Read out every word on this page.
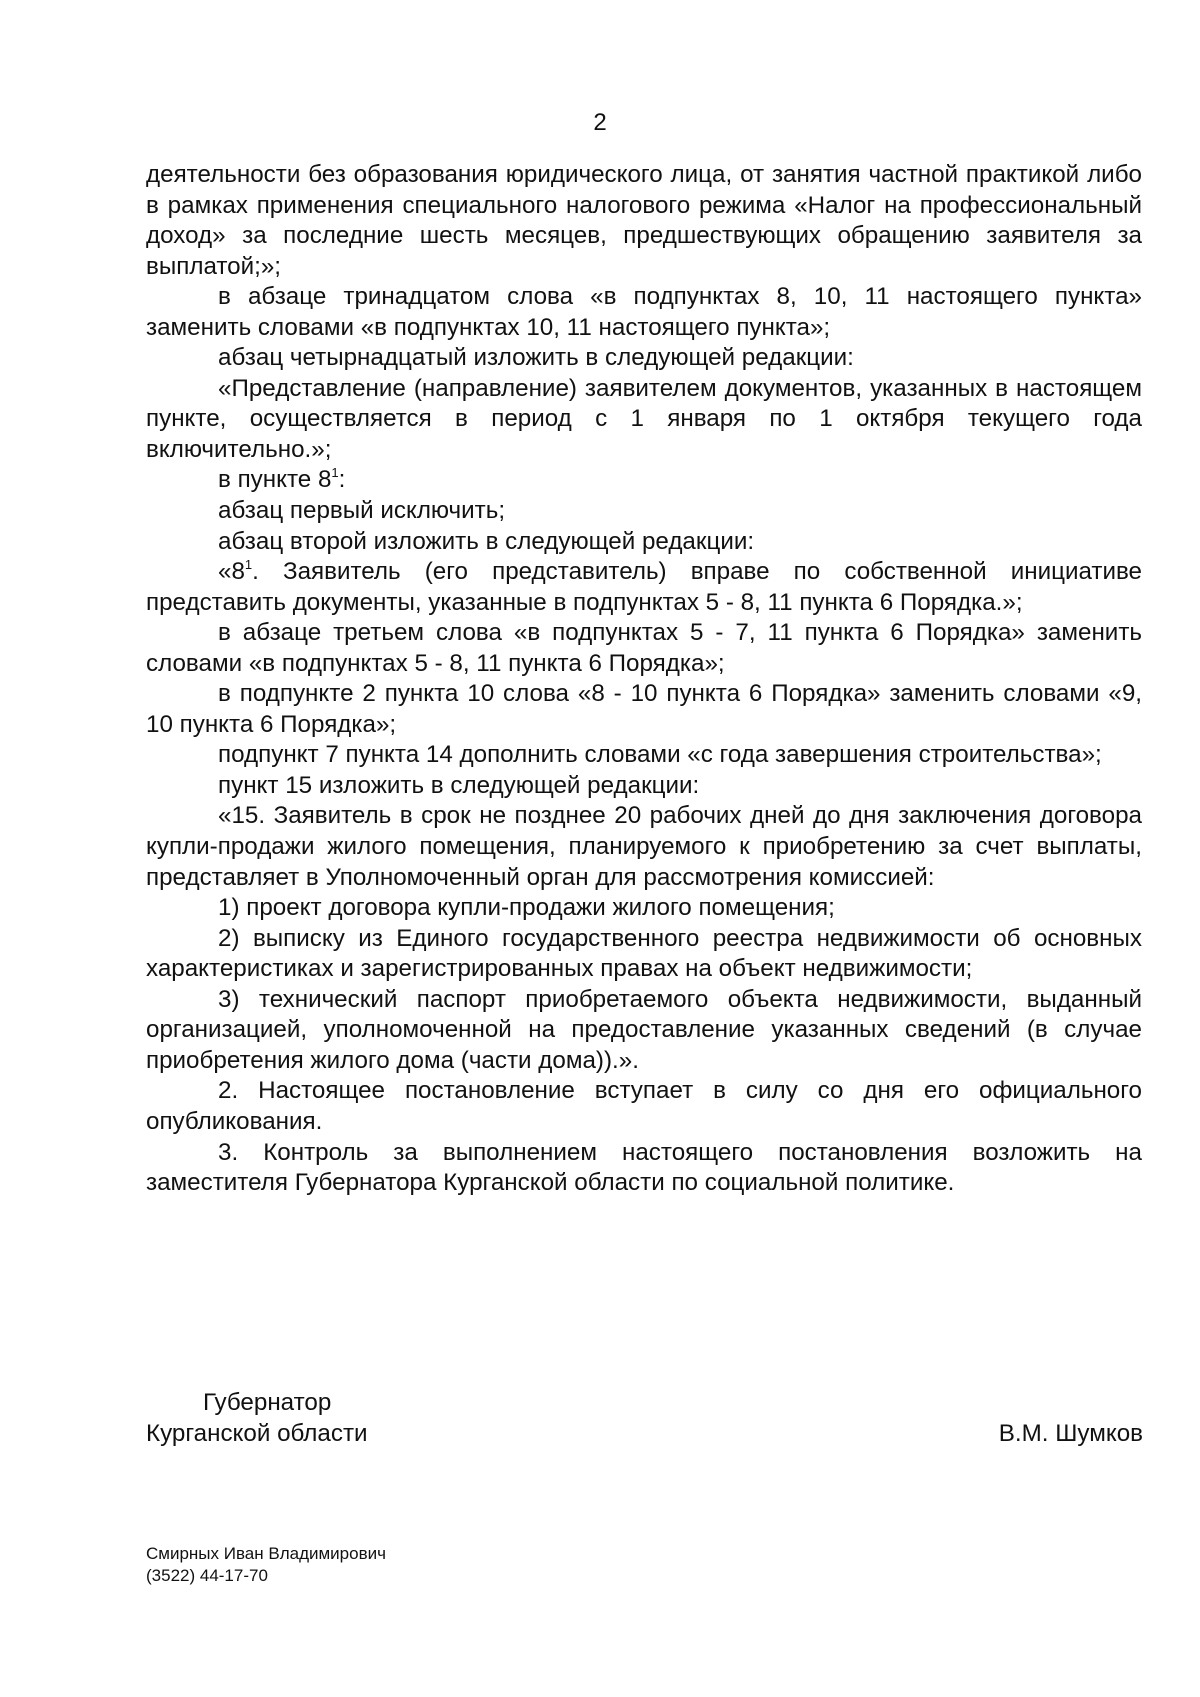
2

деятельности без образования юридического лица, от занятия частной практикой либо в рамках применения специального налогового режима «Налог на профессиональный доход» за последние шесть месяцев, предшествующих обращению заявителя за выплатой;»;

в абзаце тринадцатом слова «в подпунктах 8, 10, 11 настоящего пункта» заменить словами «в подпунктах 10, 11 настоящего пункта»;

абзац четырнадцатый изложить в следующей редакции:

«Представление (направление) заявителем документов, указанных в настоящем пункте, осуществляется в период с 1 января по 1 октября текущего года включительно.»;

в пункте $8^1$:

абзац первый исключить;

абзац второй изложить в следующей редакции:

«$8^1$. Заявитель (его представитель) вправе по собственной инициативе представить документы, указанные в подпунктах 5 - 8, 11 пункта 6 Порядка.»;

в абзаце третьем слова «в подпунктах 5 - 7, 11 пункта 6 Порядка» заменить словами «в подпунктах 5 - 8, 11 пункта 6 Порядка»;

в подпункте 2 пункта 10 слова «8 - 10 пункта 6 Порядка» заменить словами «9, 10 пункта 6 Порядка»;

подпункт 7 пункта 14 дополнить словами «с года завершения строительства»;

пункт 15 изложить в следующей редакции:

«15. Заявитель в срок не позднее 20 рабочих дней до дня заключения договора купли-продажи жилого помещения, планируемого к приобретению за счет выплаты, представляет в Уполномоченный орган для рассмотрения комиссией:

1) проект договора купли-продажи жилого помещения;

2) выписку из Единого государственного реестра недвижимости об основных характеристиках и зарегистрированных правах на объект недвижимости;

3) технический паспорт приобретаемого объекта недвижимости, выданный организацией, уполномоченной на предоставление указанных сведений (в случае приобретения жилого дома (части дома)).».

2. Настоящее постановление вступает в силу со дня его официального опубликования.

3. Контроль за выполнением настоящего постановления возложить на заместителя Губернатора Курганской области по социальной политике.

Губернатор
Курганской области	В.М. Шумков
Смирных Иван Владимирович
(3522) 44-17-70
